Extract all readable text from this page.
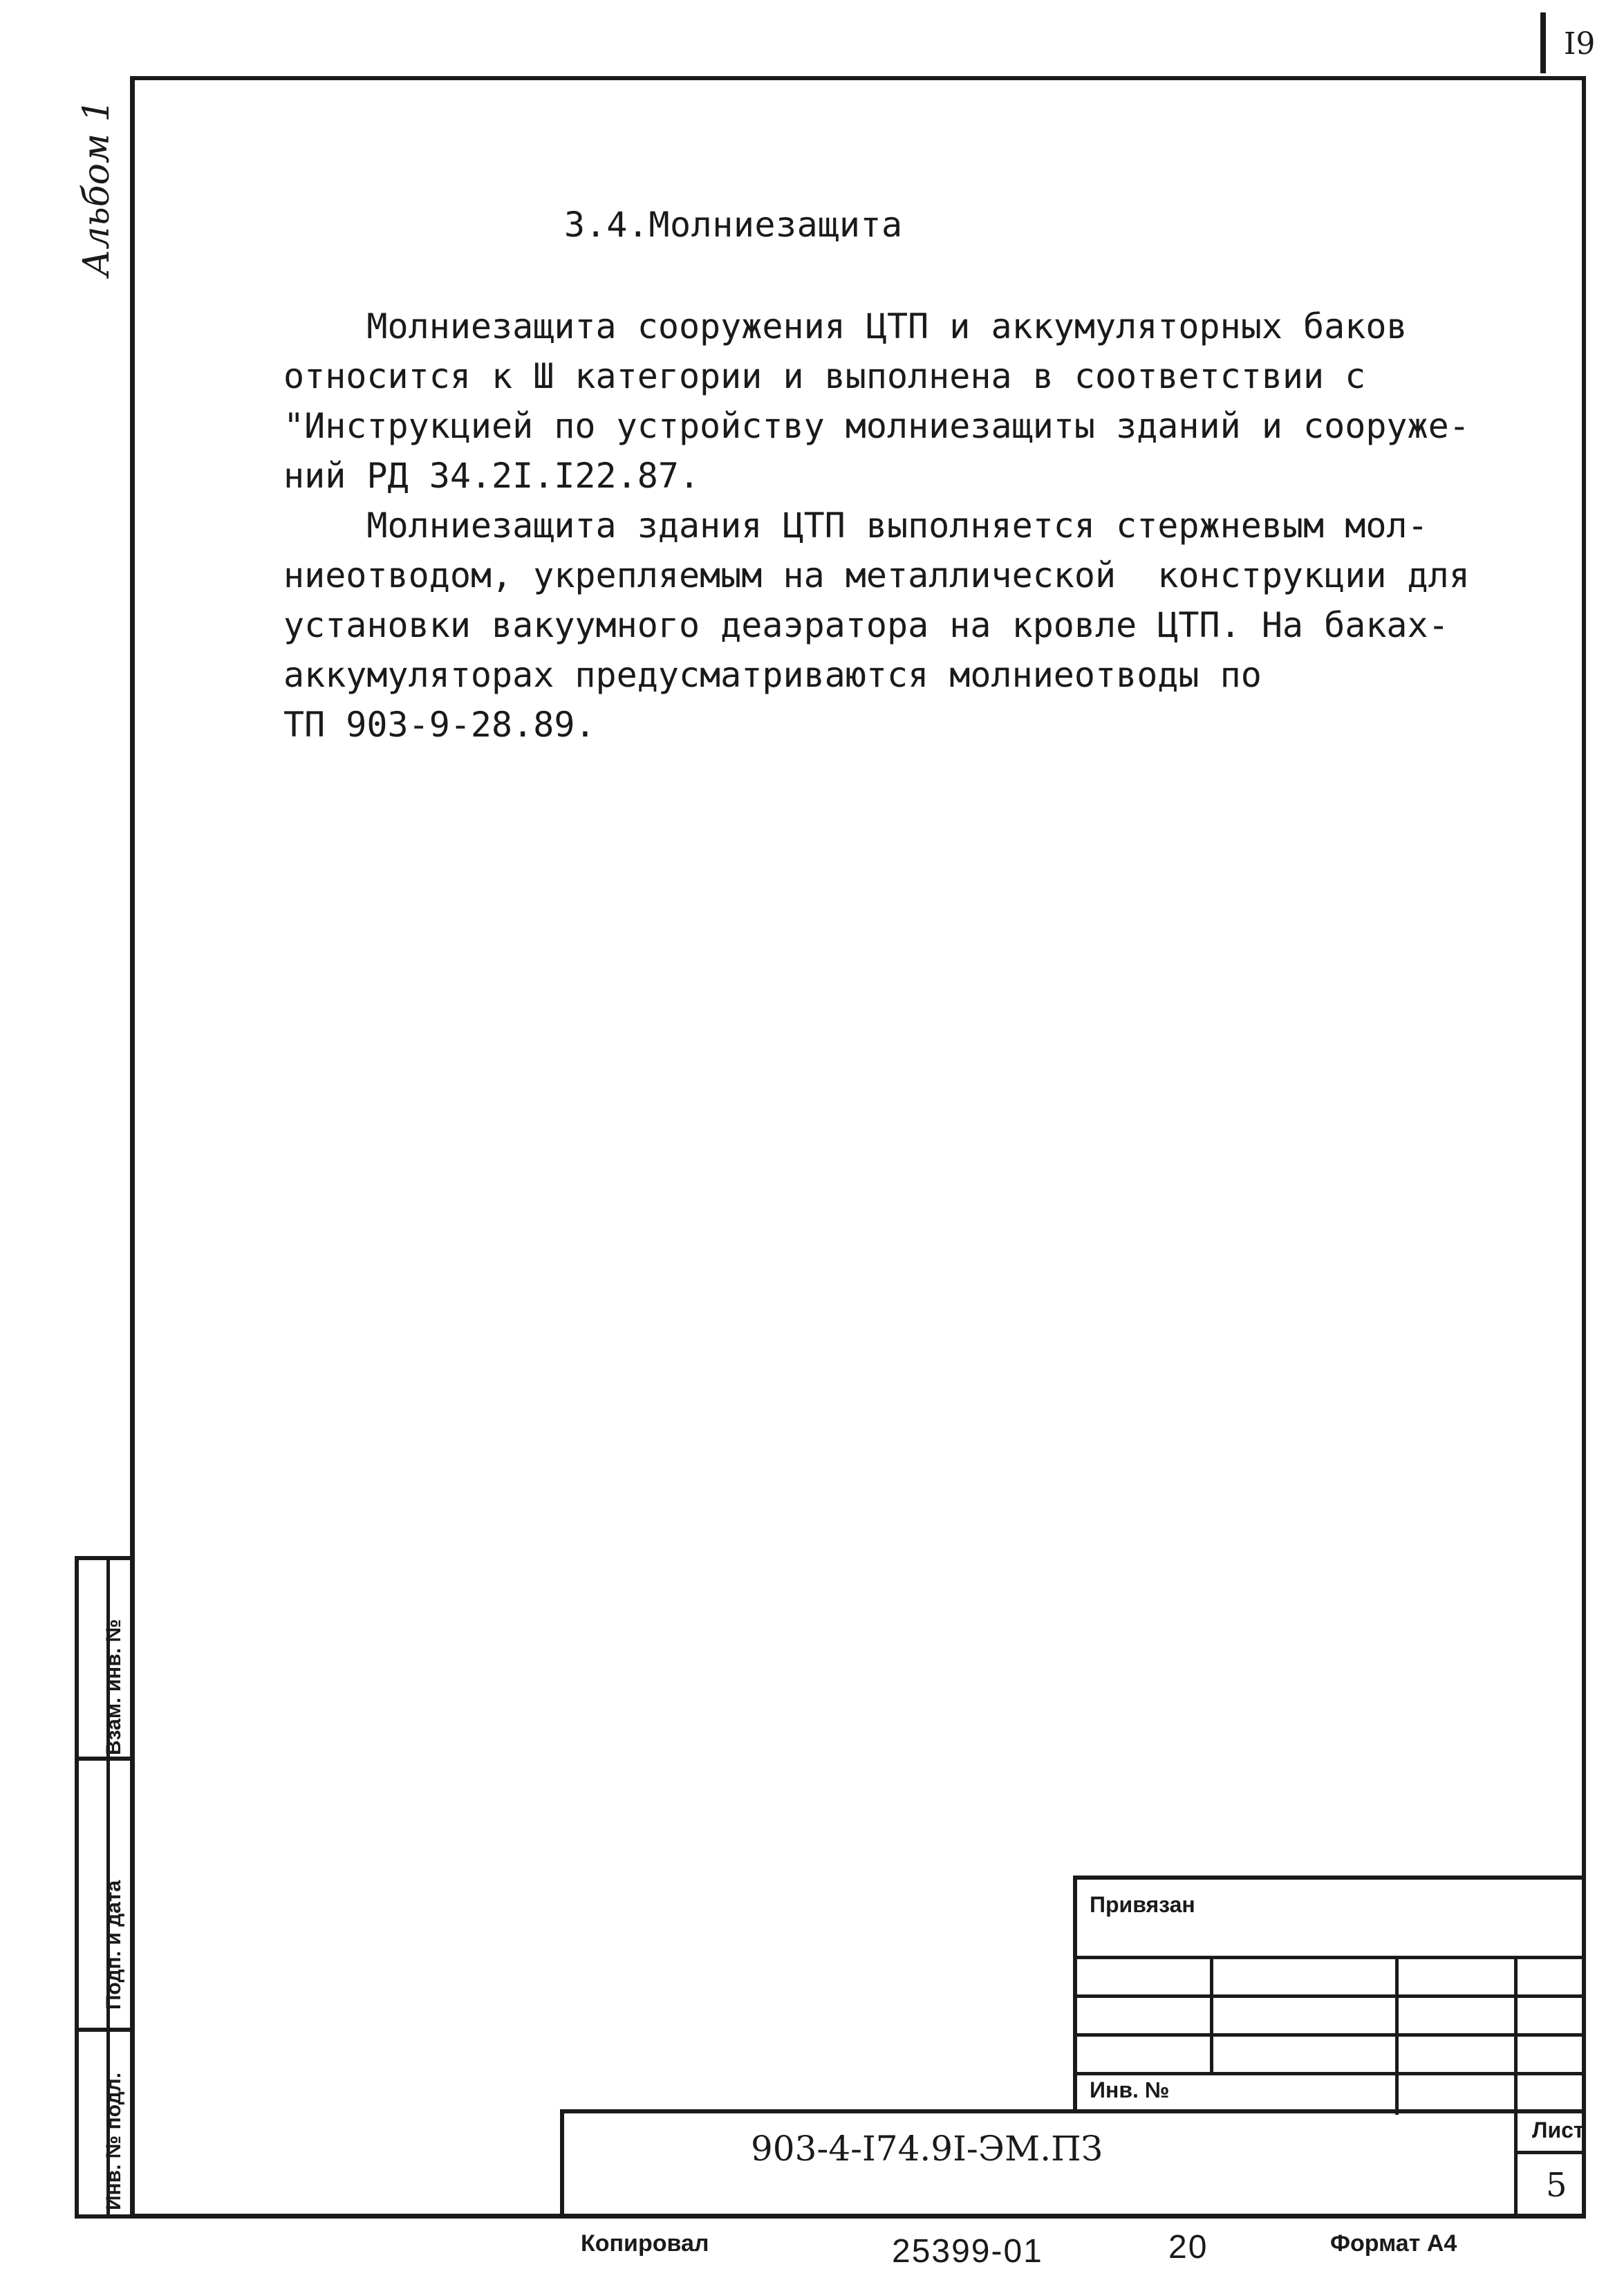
I9
Альбом 1	3.4.Молниезащита
Молниезащита сооружения ЦТП и аккумуляторных баков
относится к Ш категории и выполнена в соответствии с
"Инструкцией по устройству молниезащиты зданий и сооруже-
ний РД 34.2I.I22.87.
Молниезащита здания ЦТП выполняется стержневым мол-
ниеотводом, укрепляемым на металлической  конструкции для
установки вакуумного деаэратора на кровле ЦТП. На баках-
аккумуляторах предусматриваются молниеотводы по
ТП 903-9-28.89.
Взам. инв. №
Подп. и дата
Инв. № подл.
Привязан
Инв. №
903-4-I74.9I-ЭМ.ПЗ	Лист
5
Копировал	25399-01	20	Формат А4
